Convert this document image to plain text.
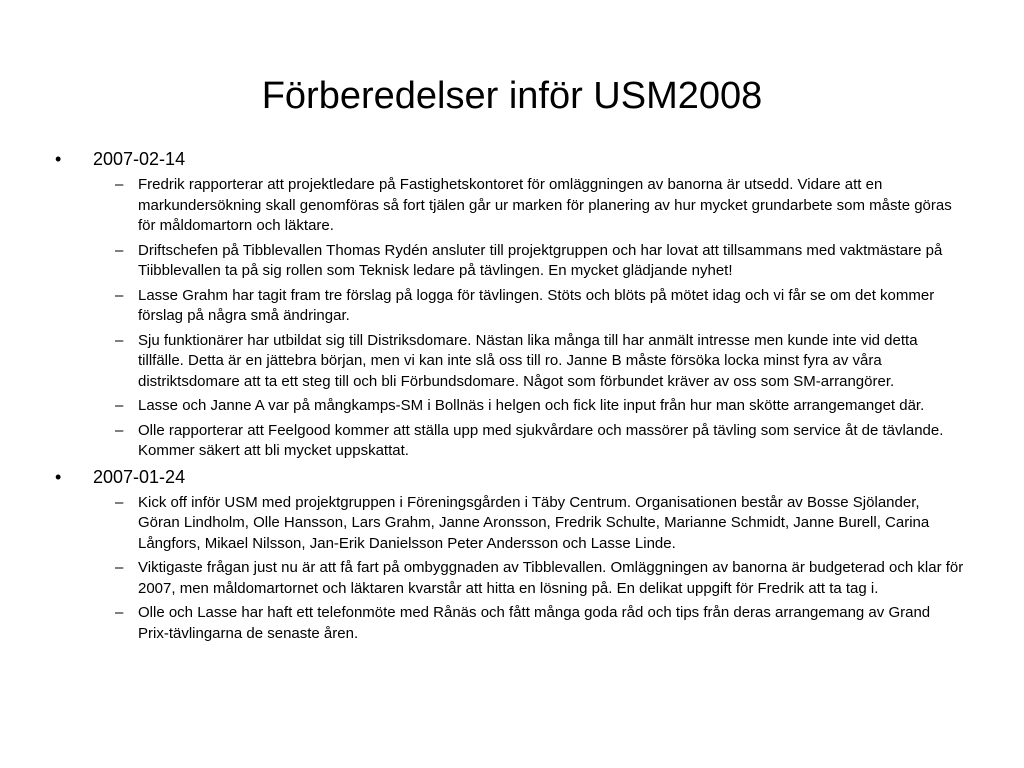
Förberedelser inför USM2008
•	2007-02-14
– Fredrik rapporterar att projektledare på Fastighetskontoret för omläggningen av banorna är utsedd. Vidare att en markundersökning skall genomföras så fort tjälen går ur marken för planering av hur mycket grundarbete som måste göras för måldomartorn och läktare.
– Driftschefen på Tibblevallen Thomas Rydén ansluter till projektgruppen och har lovat att tillsammans med vaktmästare på Tiibblevallen ta på sig rollen som Teknisk ledare på tävlingen. En mycket glädjande nyhet!
– Lasse Grahm har tagit fram tre förslag på logga för tävlingen. Stöts och blöts på mötet idag och vi får se om det kommer förslag på några små ändringar.
– Sju funktionärer har utbildat sig till Distriksdomare. Nästan lika många till har anmält intresse men kunde inte vid detta tillfälle. Detta är en jättebra början, men vi kan inte slå oss till ro. Janne B måste försöka locka minst fyra av våra distriktsdomare att ta ett steg till och bli Förbundsdomare. Något som förbundet kräver av oss som SM-arrangörer.
– Lasse och Janne A var på mångkamps-SM i Bollnäs i helgen och fick lite input från hur man skötte arrangemanget där.
– Olle rapporterar att Feelgood kommer att ställa upp med sjukvårdare och massörer på tävling som service åt de tävlande. Kommer säkert att bli mycket uppskattat.
•	2007-01-24
– Kick off inför USM med projektgruppen i Föreningsgården i Täby Centrum. Organisationen består av Bosse Sjölander, Göran Lindholm, Olle Hansson, Lars Grahm, Janne Aronsson, Fredrik Schulte, Marianne Schmidt, Janne Burell, Carina Långfors, Mikael Nilsson, Jan-Erik Danielsson Peter Andersson och Lasse Linde.
– Viktigaste frågan just nu är att få fart på ombyggnaden av Tibblevallen. Omläggningen av banorna är budgeterad och klar för 2007, men måldomartornet och läktaren kvarstår att hitta en lösning på. En delikat uppgift för Fredrik att ta tag i.
– Olle och Lasse har haft ett telefonmöte med Rånäs och fått många goda råd och tips från deras arrangemang av Grand Prix-tävlingarna de senaste åren.
